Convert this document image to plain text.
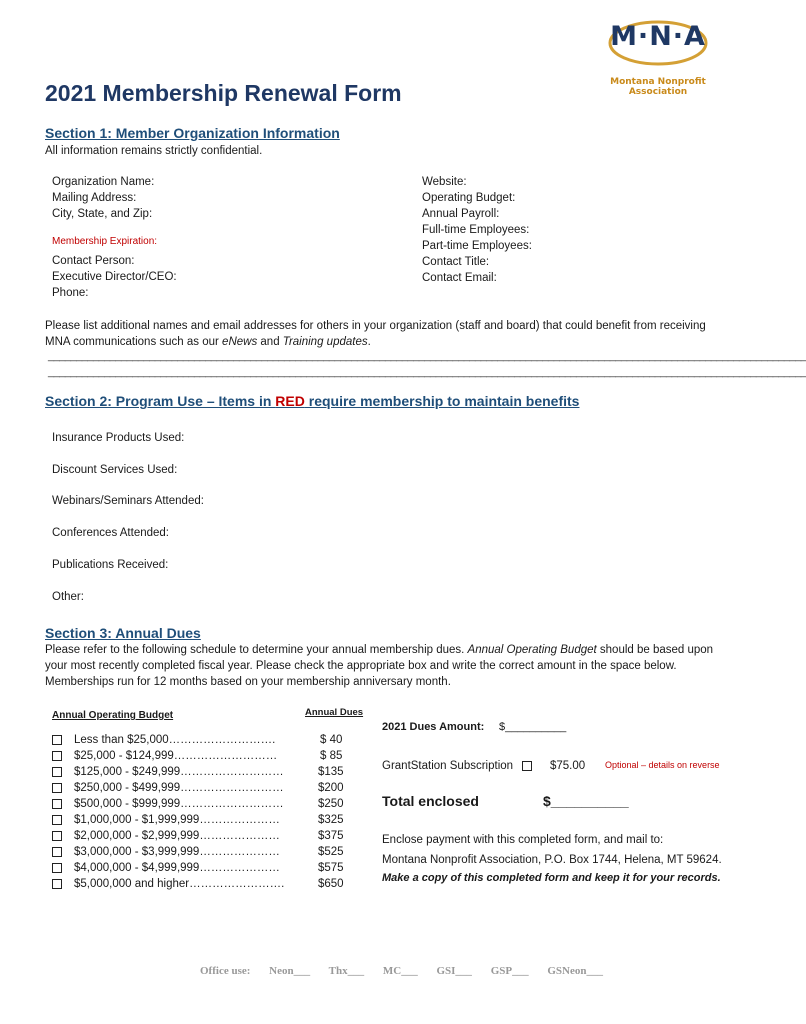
M·N·A
Montana Nonprofit Association
2021 Membership Renewal Form
Section 1: Member Organization Information
All information remains strictly confidential.
Organization Name:
Mailing Address:
City, State, and Zip:
Membership Expiration:
Contact Person:
Executive Director/CEO:
Phone:
Website:
Operating Budget:
Annual Payroll:
Full-time Employees:
Part-time Employees:
Contact Title:
Contact Email:
Please list additional names and email addresses for others in your organization (staff and board) that could benefit from receiving
MNA communications such as our eNews and Training updates.
_______________________________________________________________________________________________________________________________________
_______________________________________________________________________________________________________________________________________
Section 2: Program Use – Items in RED require membership to maintain benefits
Insurance Products Used:
Discount Services Used:
Webinars/Seminars Attended:
Conferences Attended:
Publications Received:
Other:
Section 3: Annual Dues
Please refer to the following schedule to determine your annual membership dues. Annual Operating Budget should be based upon
your most recently completed fiscal year. Please check the appropriate box and write the correct amount in the space below.
Memberships run for 12 months based on your membership anniversary month.
Annual Operating Budget	Annual Dues
Less than $25,000……………………….	$ 40
$25,000 - $124,999………………………	$ 85
$125,000 - $249,999………………………	$135
$250,000 - $499,999………………………	$200
$500,000 - $999,999………………………	$250
$1,000,000 - $1,999,999…………………	$325
$2,000,000 - $2,999,999…………………	$375
$3,000,000 - $3,999,999…………………	$525
$4,000,000 - $4,999,999…………………	$575
$5,000,000 and higher…………………….	$650
2021 Dues Amount: $__________
GrantStation Subscription	$75.00 Optional – details on reverse
Total enclosed	$__________
Enclose payment with this completed form, and mail to:
Montana Nonprofit Association, P.O. Box 1744, Helena, MT 59624.
Make a copy of this completed form and keep it for your records.
Office use: Neon___ Thx___ MC___ GSI___ GSP___ GSNeon___
